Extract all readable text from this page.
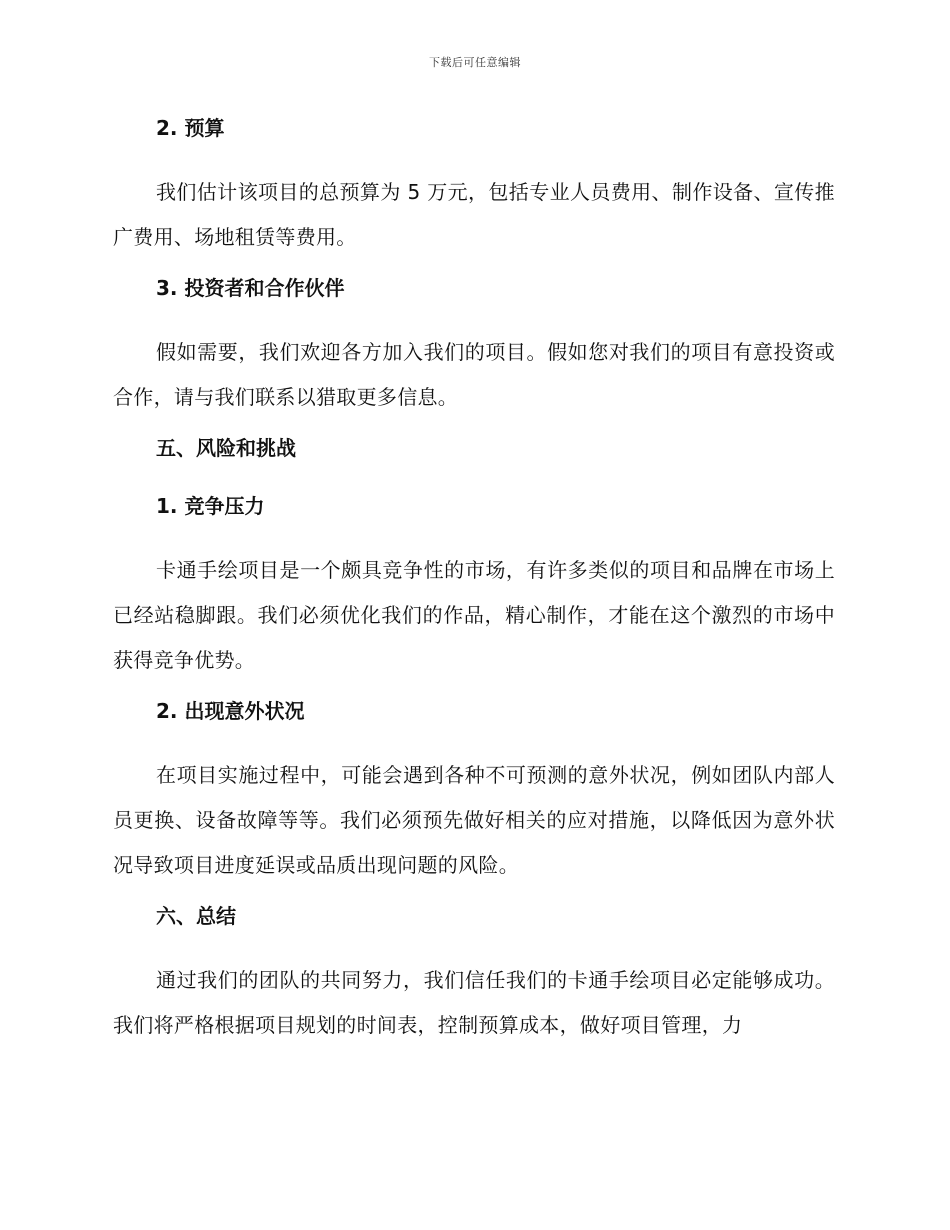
下载后可任意编辑
2. 预算

我们估计该项目的总预算为 5 万元，包括专业人员费用、制作设备、宣传推广费用、场地租赁等费用。

3. 投资者和合作伙伴

假如需要，我们欢迎各方加入我们的项目。假如您对我们的项目有意投资或合作，请与我们联系以猎取更多信息。

五、风险和挑战
1. 竞争压力

卡通手绘项目是一个颇具竞争性的市场，有许多类似的项目和品牌在市场上已经站稳脚跟。我们必须优化我们的作品，精心制作，才能在这个激烈的市场中获得竞争优势。

2. 出现意外状况

在项目实施过程中，可能会遇到各种不可预测的意外状况，例如团队内部人员更换、设备故障等等。我们必须预先做好相关的应对措施，以降低因为意外状况导致项目进度延误或品质出现问题的风险。

六、总结

通过我们的团队的共同努力，我们信任我们的卡通手绘项目必定能够成功。我们将严格根据项目规划的时间表，控制预算成本，做好项目管理，力
